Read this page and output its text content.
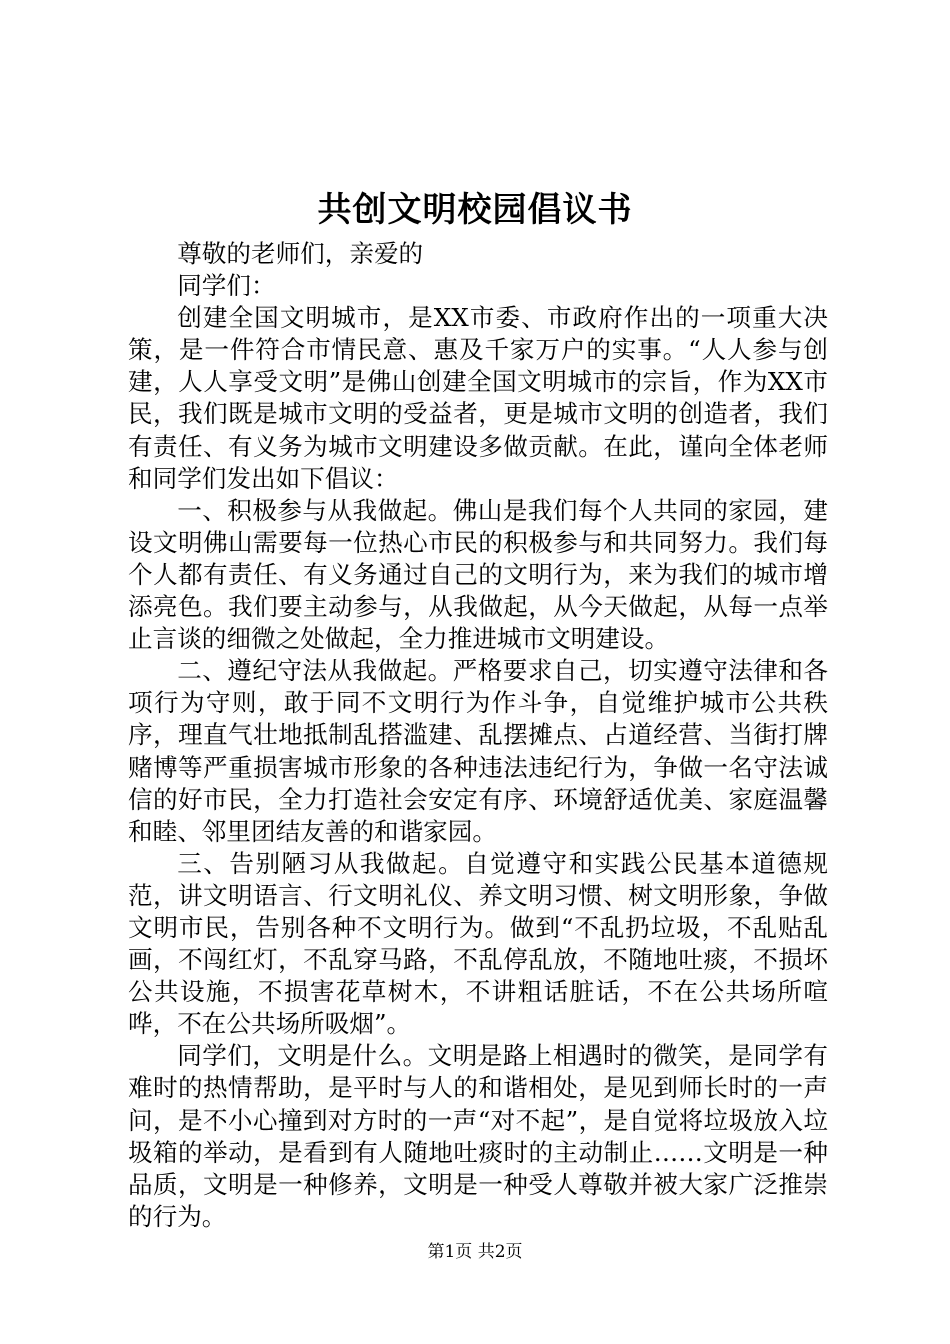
共创文明校园倡议书

尊敬的老师们，亲爱的

同学们：

创建全国文明城市，是XX市委、市政府作出的一项重大决策，是一件符合市情民意、惠及千家万户的实事。“人人参与创建，人人享受文明”是佛山创建全国文明城市的宗旨，作为XX市民，我们既是城市文明的受益者，更是城市文明的创造者，我们有责任、有义务为城市文明建设多做贡献。在此，谨向全体老师和同学们发出如下倡议：

一、积极参与从我做起。佛山是我们每个人共同的家园，建设文明佛山需要每一位热心市民的积极参与和共同努力。我们每个人都有责任、有义务通过自己的文明行为，来为我们的城市增添亮色。我们要主动参与，从我做起，从今天做起，从每一点举止言谈的细微之处做起，全力推进城市文明建设。

二、遵纪守法从我做起。严格要求自己，切实遵守法律和各项行为守则，敢于同不文明行为作斗争，自觉维护城市公共秩序，理直气壮地抵制乱搭滥建、乱摆摊点、占道经营、当街打牌赌博等严重损害城市形象的各种违法违纪行为，争做一名守法诚信的好市民，全力打造社会安定有序、环境舒适优美、家庭温馨和睦、邻里团结友善的和谐家园。

三、告别陋习从我做起。自觉遵守和实践公民基本道德规范，讲文明语言、行文明礼仪、养文明习惯、树文明形象，争做文明市民，告别各种不文明行为。做到“不乱扔垃圾，不乱贴乱画，不闯红灯，不乱穿马路，不乱停乱放，不随地吐痰，不损坏公共设施，不损害花草树木，不讲粗话脏话，不在公共场所喧哗，不在公共场所吸烟”。

同学们，文明是什么。文明是路上相遇时的微笑，是同学有难时的热情帮助，是平时与人的和谐相处，是见到师长时的一声问，是不小心撞到对方时的一声“对不起”，是自觉将垃圾放入垃圾箱的举动，是看到有人随地吐痰时的主动制止……文明是一种品质，文明是一种修养，文明是一种受人尊敬并被大家广泛推崇的行为。

第1页 共2页
